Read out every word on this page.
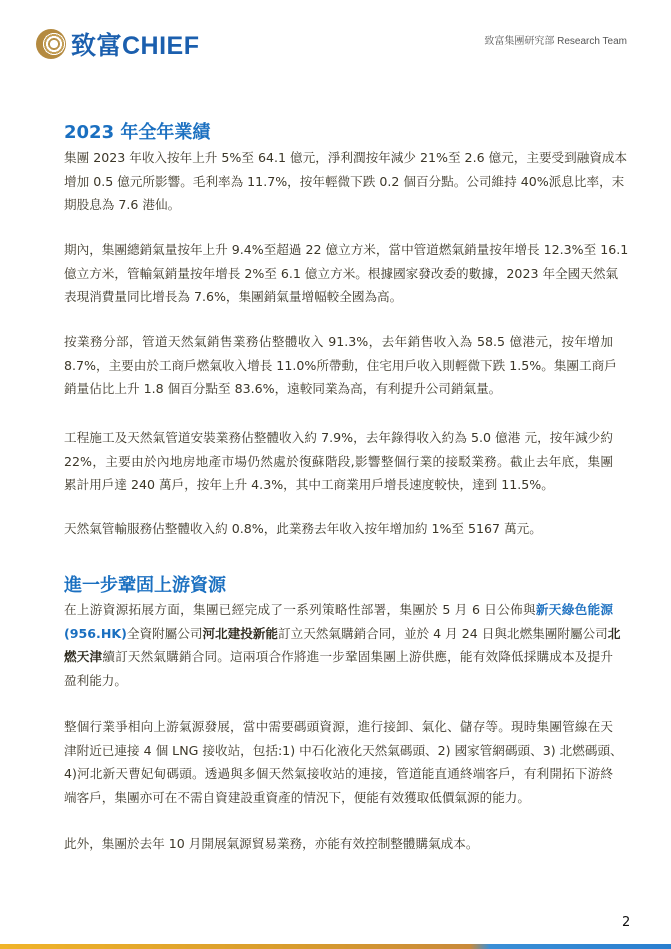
致富CHIEF	致富集團研究部 Research Team
2023 年全年業績
集團 2023 年收入按年上升 5%至 64.1 億元，淨利潤按年減少 21%至 2.6 億元，主要受到融資成本
增加 0.5 億元所影響。毛利率為 11.7%，按年輕微下跌 0.2 個百分點。公司維持 40%派息比率，末
期股息為 7.6 港仙。
期內，集團總銷氣量按年上升 9.4%至超過 22 億立方米，當中管道燃氣銷量按年增長 12.3%至 16.1
億立方米，管輸氣銷量按年增長 2%至 6.1 億立方米。根據國家發改委的數據，2023 年全國天然氣
表現消費量同比增長為 7.6%，集團銷氣量增幅較全國為高。
按業務分部，管道天然氣銷售業務佔整體收入 91.3%，去年銷售收入為 58.5 億港元，按年增加
8.7%，主要由於工商戶燃氣收入增長 11.0%所帶動，住宅用戶收入則輕微下跌 1.5%。集團工商戶
銷量佔比上升 1.8 個百分點至 83.6%，遠較同業為高，有利提升公司銷氣量。
工程施工及天然氣管道安裝業務佔整體收入約 7.9%，去年錄得收入約為 5.0 億港 元，按年減少約
22%，主要由於內地房地產市場仍然處於復蘇階段,影響整個行業的接駁業務。截止去年底，集團
累計用戶達 240 萬戶，按年上升 4.3%，其中工商業用戶增長速度較快，達到 11.5%。
天然氣管輸服務佔整體收入約 0.8%，此業務去年收入按年增加約 1%至 5167 萬元。
進一步鞏固上游資源
在上游資源拓展方面，集團已經完成了一系列策略性部署，集團於 5 月 6 日公佈與新天綠色能源
(956.HK)全資附屬公司河北建投新能訂立天然氣購銷合同，並於 4 月 24 日與北燃集團附屬公司北
燃天津續訂天然氣購銷合同。這兩項合作將進一步鞏固集團上游供應，能有效降低採購成本及提升
盈利能力。
整個行業爭相向上游氣源發展，當中需要碼頭資源，進行接卸、氣化、儲存等。現時集團管線在天
津附近已連接 4 個 LNG 接收站，包括:1) 中石化液化天然氣碼頭、2) 國家管網碼頭、3) 北燃碼頭、
4)河北新天曹妃甸碼頭。透過與多個天然氣接收站的連接，管道能直通終端客戶，有利開拓下游終
端客戶，集團亦可在不需自資建設重資產的情況下，便能有效獲取低價氣源的能力。
此外，集團於去年 10 月開展氣源貿易業務，亦能有效控制整體購氣成本。
2
